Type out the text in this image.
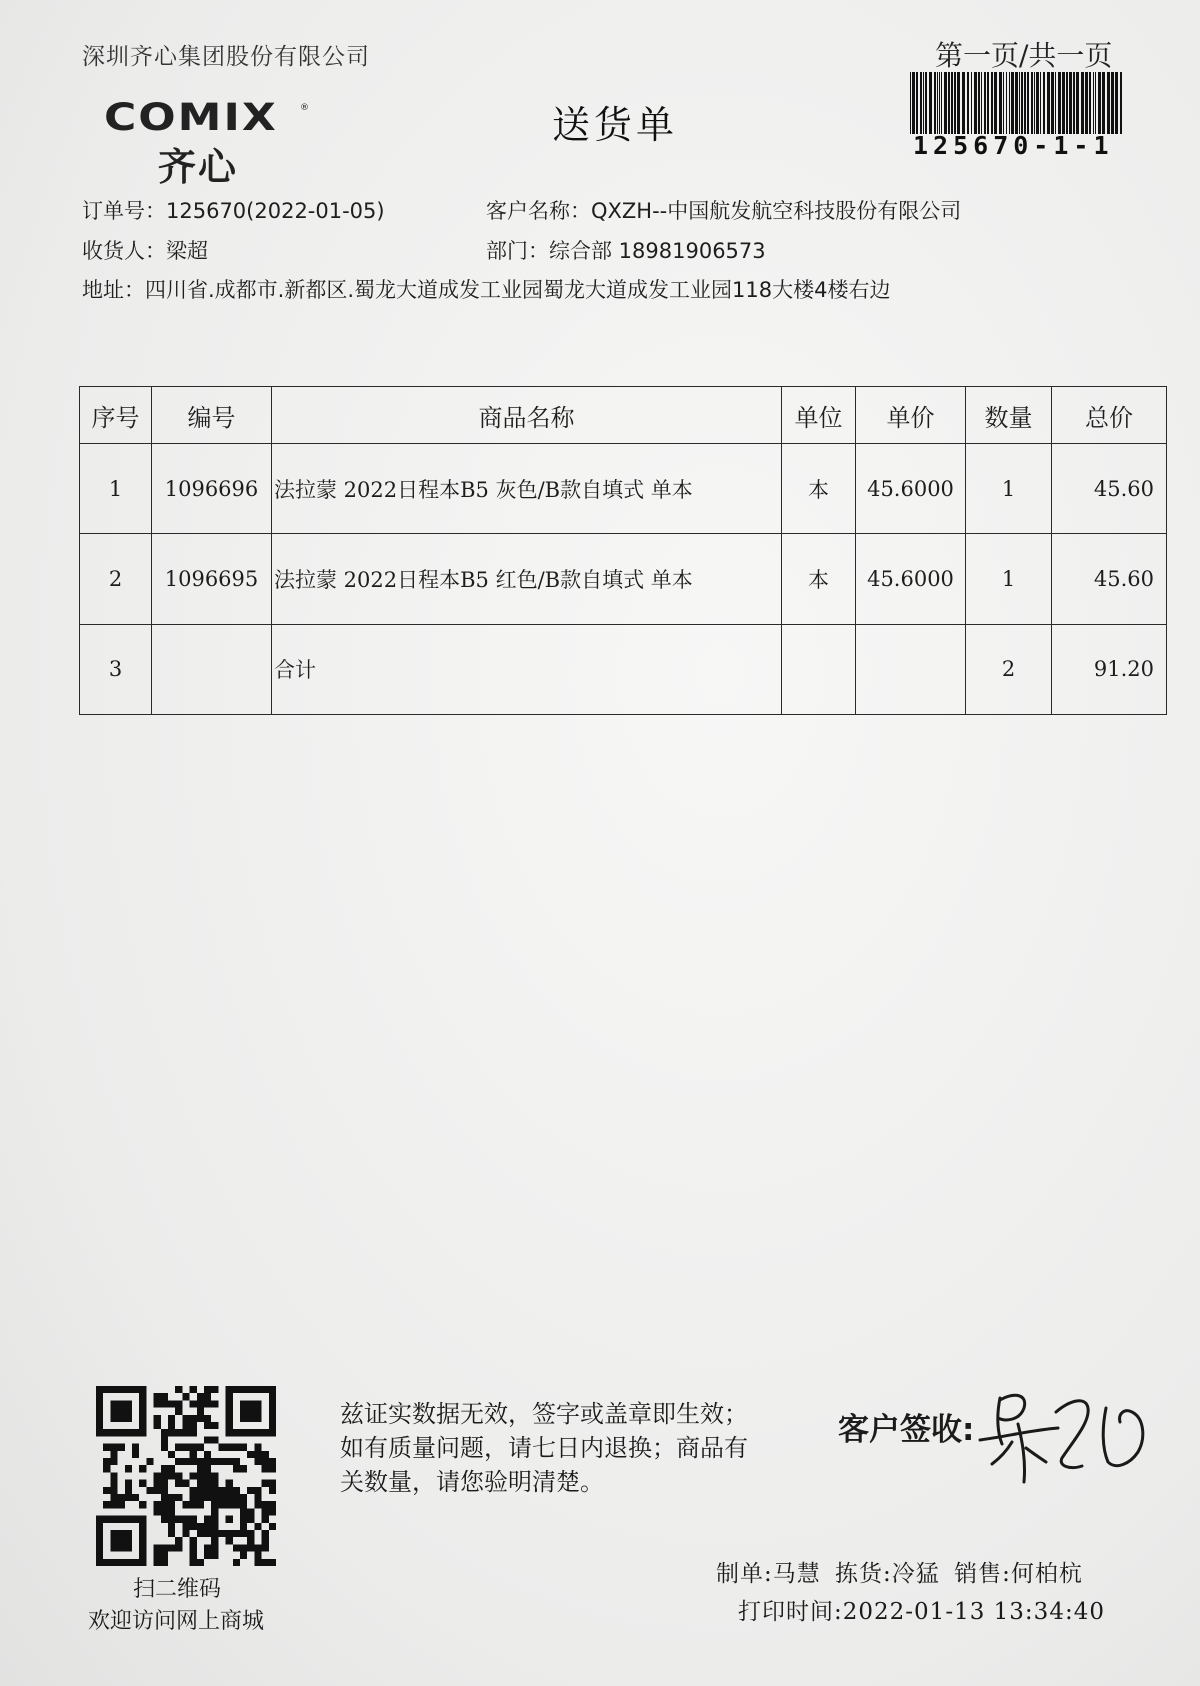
深圳齐心集团股份有限公司	第一页/共一页
COMIX ®
齐心
送货单	125670-1-1
订单号：125670(2022-01-05)	客户名称：QXZH--中国航发航空科技股份有限公司
收货人：梁超	部门：综合部 18981906573
地址：四川省.成都市.新都区.蜀龙大道成发工业园蜀龙大道成发工业园118大楼4楼右边
序号	编号	商品名称	单位	单价	数量	总价
1	1096696	法拉蒙 2022日程本B5 灰色/B款自填式 单本	本	45.6000	1	45.60
2	1096695	法拉蒙 2022日程本B5 红色/B款自填式 单本	本	45.6000	1	45.60
3		合计			2	91.20
扫二维码
欢迎访问网上商城
兹证实数据无效，签字或盖章即生效；如有质量问题，请七日内退换；商品有关数量，请您验明清楚。
客户签收:
制单:马慧 拣货:冷猛 销售:何柏杭
打印时间:2022-01-13 13:34:40
